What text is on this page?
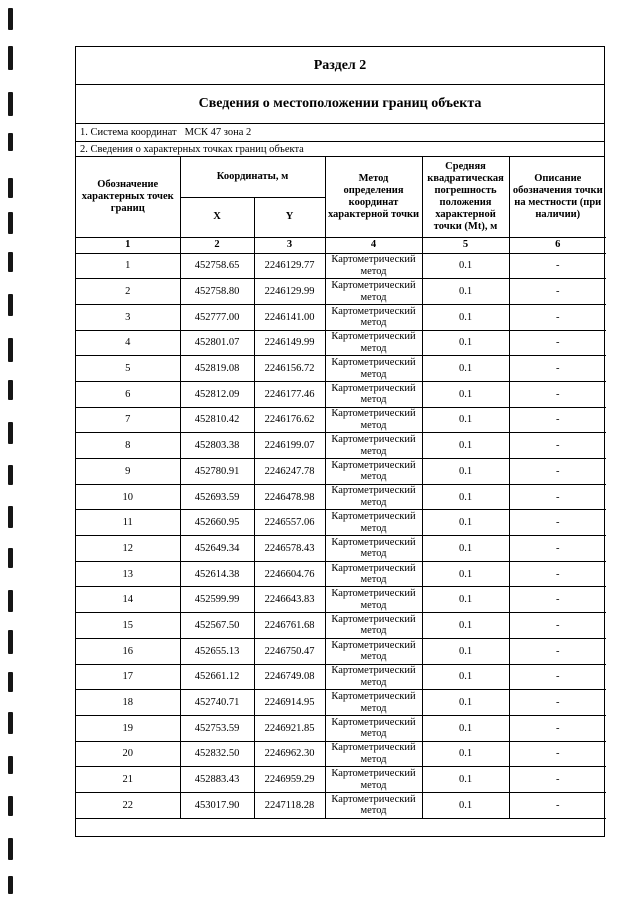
Раздел 2
Сведения о местоположении границ объекта
1. Система координат МСК 47 зона 2
2. Сведения о характерных точках границ объекта
Обозначение характерных точек границ	Координаты, м		Метод определения координат характерной точки	Средняя квадратическая погрешность положения характерной точки (Mt), м	Описание обозначения точки на местности (при наличии)
	X	Y			
1	2	3	4	5	6
1	452758.65	2246129.77	Картометрический метод	0.1	-
2	452758.80	2246129.99	Картометрический метод	0.1	-
3	452777.00	2246141.00	Картометрический метод	0.1	-
4	452801.07	2246149.99	Картометрический метод	0.1	-
5	452819.08	2246156.72	Картометрический метод	0.1	-
6	452812.09	2246177.46	Картометрический метод	0.1	-
7	452810.42	2246176.62	Картометрический метод	0.1	-
8	452803.38	2246199.07	Картометрический метод	0.1	-
9	452780.91	2246247.78	Картометрический метод	0.1	-
10	452693.59	2246478.98	Картометрический метод	0.1	-
11	452660.95	2246557.06	Картометрический метод	0.1	-
12	452649.34	2246578.43	Картометрический метод	0.1	-
13	452614.38	2246604.76	Картометрический метод	0.1	-
14	452599.99	2246643.83	Картометрический метод	0.1	-
15	452567.50	2246761.68	Картометрический метод	0.1	-
16	452655.13	2246750.47	Картометрический метод	0.1	-
17	452661.12	2246749.08	Картометрический метод	0.1	-
18	452740.71	2246914.95	Картометрический метод	0.1	-
19	452753.59	2246921.85	Картометрический метод	0.1	-
20	452832.50	2246962.30	Картометрический метод	0.1	-
21	452883.43	2246959.29	Картометрический метод	0.1	-
22	453017.90	2247118.28	Картометрический метод	0.1	-
